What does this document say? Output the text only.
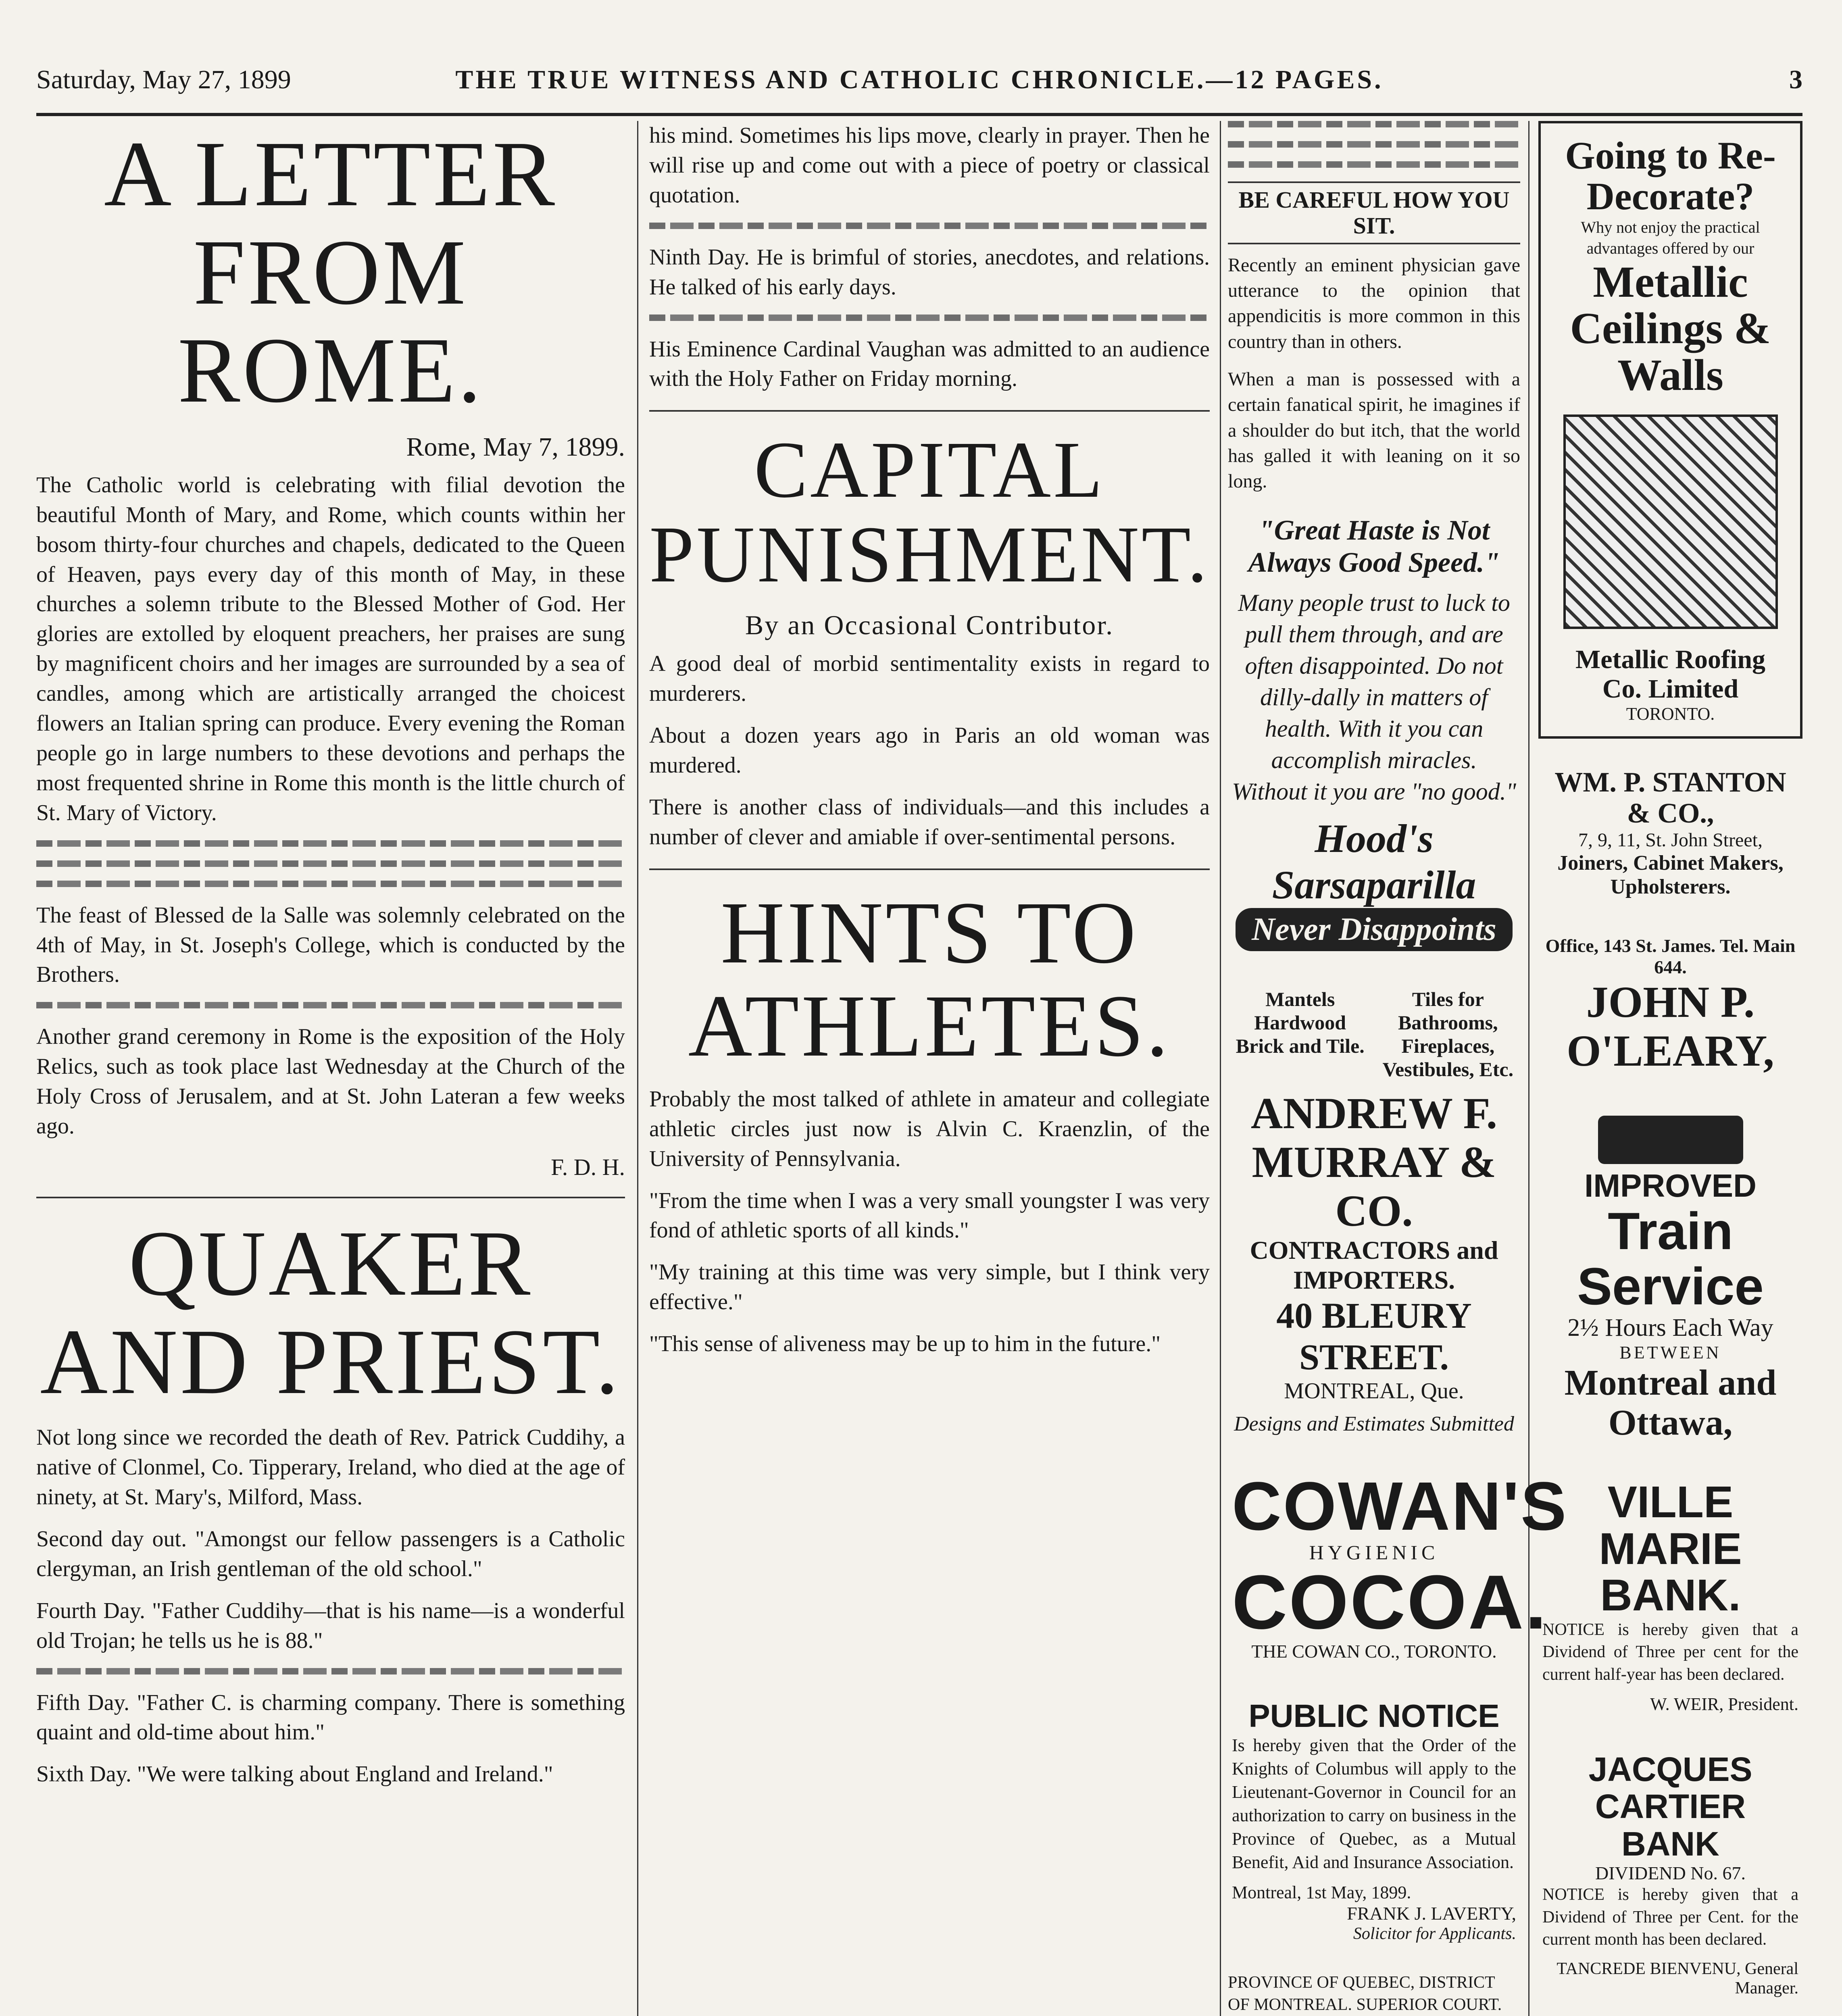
Saturday, May 27, 1899	THE TRUE WITNESS AND CATHOLIC CHRONICLE.—12 PAGES.	3
A LETTER FROM ROME.
Rome, May 7, 1899.

The Catholic world is celebrating with filial devotion the beautiful Month of Mary, and Rome, which counts within her bosom thirty-four churches and chapels, dedicated to the Queen of Heaven, pays every day of this month of May, in these churches a solemn tribute to the Blessed Mother of God. Her glories are extolled by eloquent preachers, her praises are sung by magnificent choirs and her images are surrounded by a sea of candles, among which are artistically arranged the choicest flowers an Italian spring can produce. Every evening the Roman people go in large numbers to these devotions and perhaps the most frequented shrine in Rome this month is the little church of St. Mary of Victory.

The feast of Blessed de la Salle was solemnly celebrated on the 4th of May, in St. Joseph's College, which is conducted by the Brothers.

Another grand ceremony in Rome is the exposition of the Holy Relics, such as took place last Wednesday at the Church of the Holy Cross of Jerusalem, and at St. John Lateran a few weeks ago.

F. D. H.
QUAKER AND PRIEST.

Not long since we recorded the death of Rev. Patrick Cuddihy, a native of Clonmel, Co. Tipperary, Ireland, who died at the age of ninety, at St. Mary's, Milford, Mass.

Second day out. "Amongst our fellow passengers is a Catholic clergyman, an Irish gentleman of the old school."

Fourth Day. "Father Cuddihy—that is his name—is a wonderful old Trojan; he tells us he is 88."

Fifth Day. "Father C. is charming company. There is something quaint and old-time about him."

Sixth Day. "We were talking about England and Ireland."

his mind. Sometimes his lips move, clearly in prayer. Then he will rise up and come out with a piece of poetry or classical quotation.

Ninth Day. He is brimful of stories, anecdotes, and relations. He talked of his early days.

His Eminence Cardinal Vaughan was admitted to an audience with the Holy Father on Friday morning.

CAPITAL PUNISHMENT.
By an Occasional Contributor.

A good deal of morbid sentimentality exists in regard to murderers.

About a dozen years ago in Paris an old woman was murdered.

There is another class of individuals—and this includes a number of clever and amiable if over-sentimental persons.

HINTS TO ATHLETES.

Probably the most talked of athlete in amateur and collegiate athletic circles just now is Alvin C. Kraenzlin, of the University of Pennsylvania.

"From the time when I was a very small youngster I was very fond of athletic sports of all kinds."

"My training at this time was very simple, but I think very effective."

"This sense of aliveness may be up to him in the future."

BE CAREFUL HOW YOU SIT.

Recently an eminent physician gave utterance to the opinion that appendicitis is more common in this country than in others.

When a man is possessed with a certain fanatical spirit, he imagines if a shoulder do but itch, that the world has galled it with leaning on it so long.

"Great Haste is Not Always Good Speed."
Many people trust to luck to pull them through, and are often disappointed. Do not dilly-dally in matters of health. With it you can accomplish miracles. Without it you are "no good."
Hood's Sarsaparilla
Never Disappoints
Mantels Hardwood Brick and Tile.
Tiles for Bathrooms, Fireplaces, Vestibules, Etc.
ANDREW F. MURRAY & CO.
CONTRACTORS and IMPORTERS.
40 BLEURY STREET.
MONTREAL, Que.
Designs and Estimates Submitted
COWAN'S
HYGIENIC
COCOA.
THE COWAN CO., TORONTO.
PUBLIC NOTICE
Is hereby given that the Order of the Knights of Columbus will apply to the Lieutenant-Governor in Council for an authorization to carry on business in the Province of Quebec, as a Mutual Benefit, Aid and Insurance Association.
Montreal, 1st May, 1899.
FRANK J. LAVERTY,
Solicitor for Applicants.
PROVINCE OF QUEBEC, DISTRICT OF MONTREAL. SUPERIOR COURT.
Going to Re-Decorate?
Why not enjoy the practical advantages offered by our
Metallic Ceilings & Walls
Metallic Roofing Co. Limited
TORONTO.
WM. P. STANTON & CO.,
7, 9, 11, St. John Street,
Joiners, Cabinet Makers, Upholsterers.
Office, 143 St. James. Tel. Main 644.
JOHN P. O'LEARY,
IMPROVED
Train Service
2½ Hours Each Way
BETWEEN
Montreal and Ottawa,
VILLE MARIE BANK.
NOTICE is hereby given that a Dividend of Three per cent for the current half-year has been declared.
W. WEIR, President.
JACQUES CARTIER BANK
DIVIDEND No. 67.
NOTICE is hereby given that a Dividend of Three per Cent. for the current month has been declared.
TANCREDE BIENVENU, General Manager.
